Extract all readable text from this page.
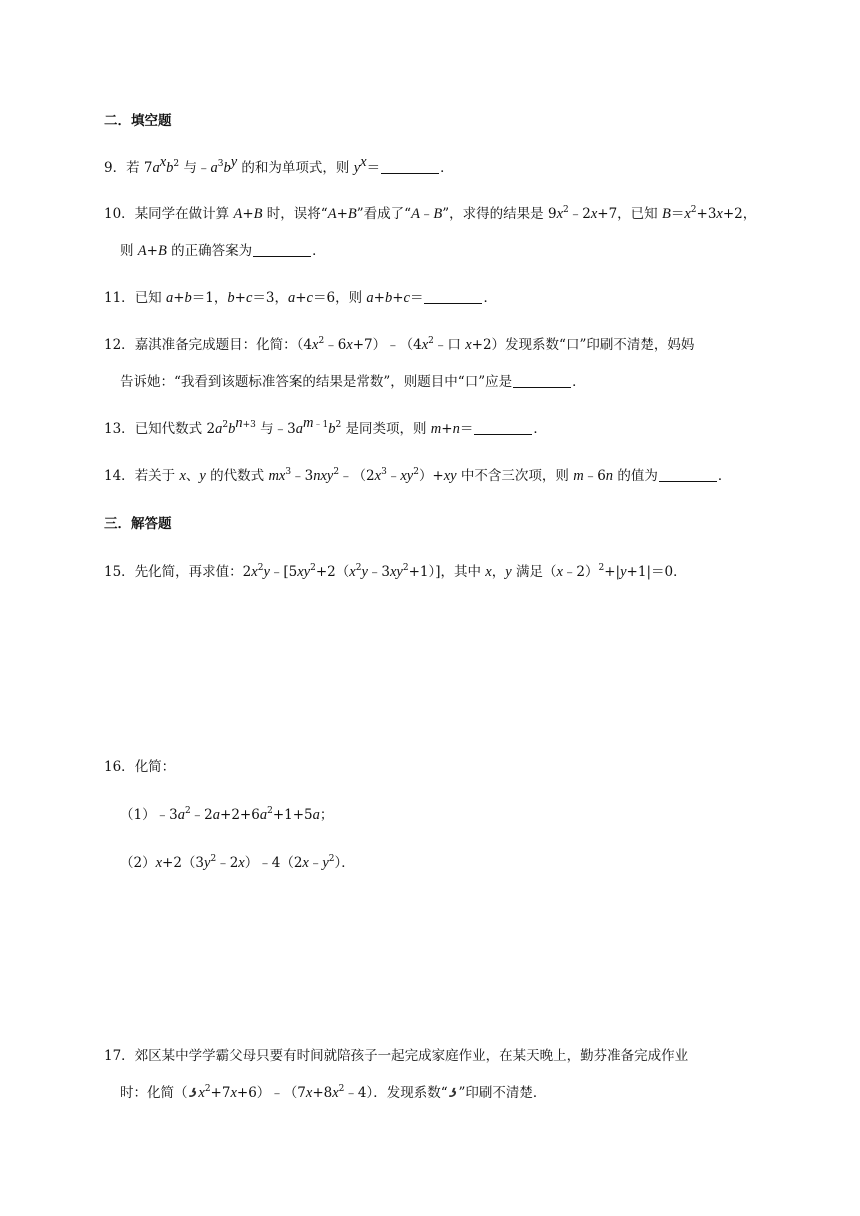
二．填空题
9．若 $7a^xb^2$ 与$﹣a^3b^y$ 的和为单项式，则 $y^x=$	．
10．某同学在做计算 A+B 时，误将“A+B”看成了“A﹣B”，求得的结果是 $9x^2﹣2x+7$，已知 $B=x^2+3x+2$，
则 A+B 的正确答案为	．
11．已知 a+b＝1，b+c＝3，a+c＝6，则 a+b+c＝	．
12．嘉淇准备完成题目：化简：$(4x^2﹣6x+7)﹣(4x^2﹣$口 x+2）发现系数“口”印刷不清楚，妈妈
告诉她：“我看到该题标准答案的结果是常数”，则题目中“口”应是	．
13．已知代数式 $2a^2b^{n+3}$ 与$﹣3a^{m﹣1}b^2$ 是同类项，则 m+n＝	．
14．若关于 x、y 的代数式 $mx^3﹣3nxy^2﹣(2x^3﹣xy^2)+xy$ 中不含三次项，则 m﹣6n 的值为	．
三．解答题
15．先化简，再求值：$2x^2y﹣[5xy^2+2(x^2y﹣3xy^2+1)]$，其中 x，y 满足（x﹣2）$^2$+|y+1|＝0．
16．化简：
$(1)﹣3a^2﹣2a+2+6a^2+1+5a$；
$(2)x+2(3y^2﹣2x)﹣4(2x﹣y^2)$．
17．郊区某中学学霸父母只要有时间就陪孩子一起完成家庭作业，在某天晚上，勤芬准备完成作业
时：化简$(ʖx^2+7x+6)﹣(7x+8x^2﹣4)$．发现系数“ʖ”印刷不清楚．
